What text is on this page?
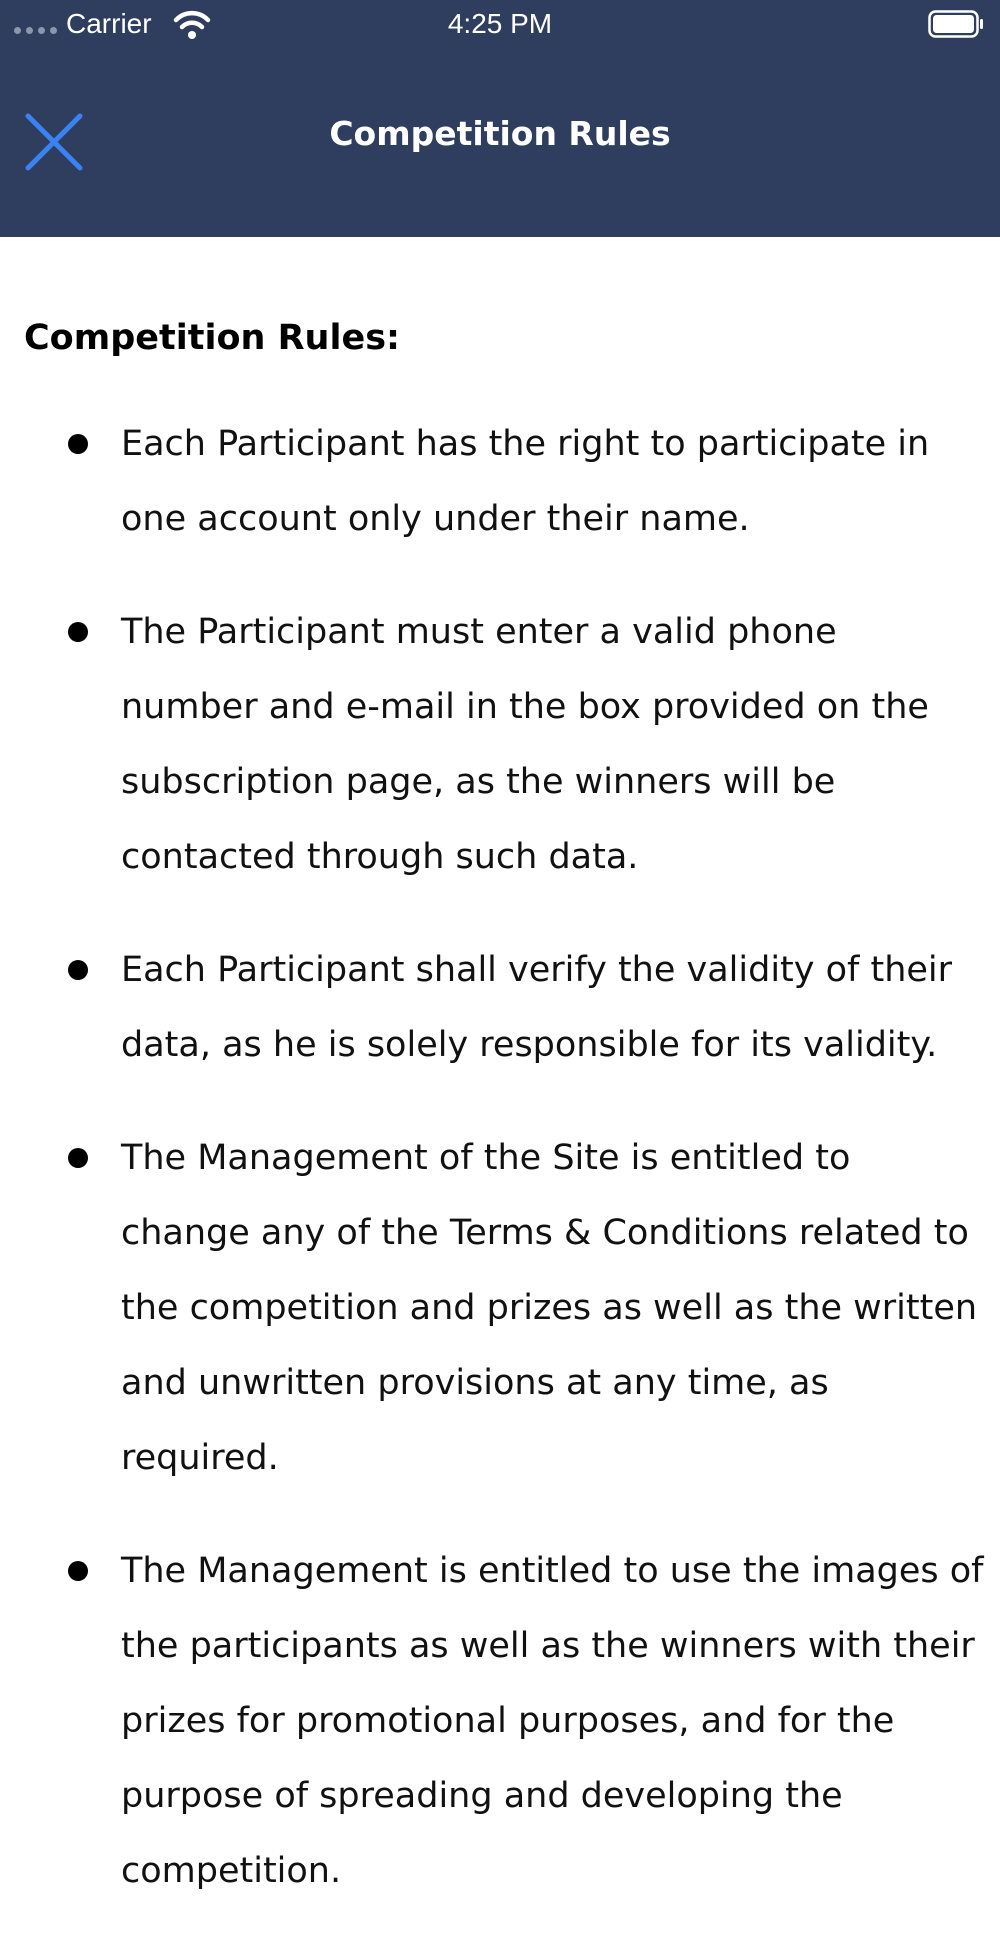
Carrier	4:25 PM
Competition Rules
Competition Rules:
Each Participant has the right to participate in one account only under their name.
The Participant must enter a valid phone number and e-mail in the box provided on the subscription page, as the winners will be contacted through such data.
Each Participant shall verify the validity of their data, as he is solely responsible for its validity.
The Management of the Site is entitled to change any of the Terms & Conditions related to the competition and prizes as well as the written and unwritten provisions at any time, as required.
The Management is entitled to use the images of the participants as well as the winners with their prizes for promotional purposes, and for the purpose of spreading and developing the competition.
